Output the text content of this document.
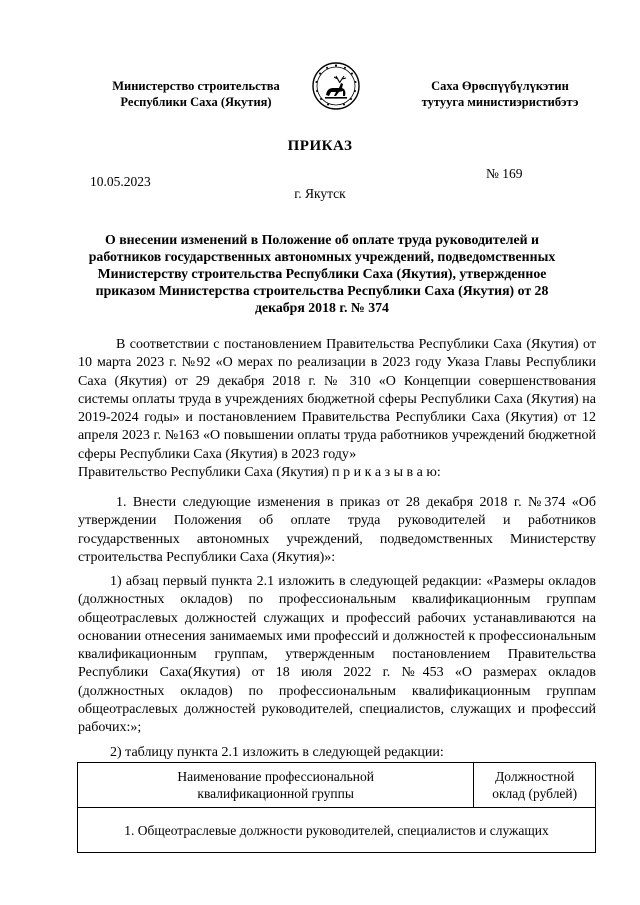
Министерство строительства
Республики Саха (Якутия)
Саха Өрөспүүбүлүкэтин
тутууга министиэристибэтэ
ПРИКАЗ
10.05.2023
№ 169
г. Якутск
О внесении изменений в Положение об оплате труда руководителей и
работников государственных автономных учреждений, подведомственных
Министерству строительства Республики Саха (Якутия), утвержденное
приказом Министерства строительства Республики Саха (Якутия) от 28
декабря 2018 г. № 374
В соответствии с постановлением Правительства Республики Саха (Якутия) от 10 марта 2023 г. №92 «О мерах по реализации в 2023 году Указа Главы Республики Саха (Якутия) от 29 декабря 2018 г. № 310 «О Концепции совершенствования системы оплаты труда в учреждениях бюджетной сферы Республики Саха (Якутия) на 2019-2024 годы» и постановлением Правительства Республики Саха (Якутия) от 12 апреля 2023 г. №163 «О повышении оплаты труда работников учреждений бюджетной сферы Республики Саха (Якутия) в 2023 году»
Правительство Республики Саха (Якутия) п р и к а з ы в а ю:
1. Внести следующие изменения в приказ от 28 декабря 2018 г. №374 «Об утверждении Положения об оплате труда руководителей и работников государственных автономных учреждений, подведомственных Министерству строительства Республики Саха (Якутия)»:
1) абзац первый пункта 2.1 изложить в следующей редакции: «Размеры окладов (должностных окладов) по профессиональным квалификационным группам общеотраслевых должностей служащих и профессий рабочих устанавливаются на основании отнесения занимаемых ими профессий и должностей к профессиональным квалификационным группам, утвержденным постановлением Правительства Республики Саха(Якутия) от 18 июля 2022 г. №453 «О размерах окладов (должностных окладов) по профессиональным квалификационным группам общеотраслевых должностей руководителей, специалистов, служащих и профессий рабочих:»;
2) таблицу пункта 2.1 изложить в следующей редакции:
Наименование профессиональной
квалификационной группы

Должностной
оклад (рублей)

1. Общеотраслевые должности руководителей, специалистов и служащих
